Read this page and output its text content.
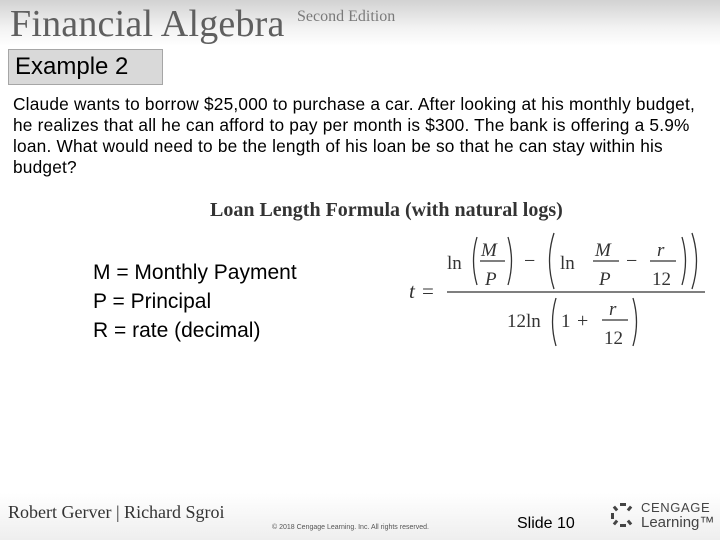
Financial Algebra Second Edition
Example 2
Claude wants to borrow $25,000 to purchase a car. After looking at his monthly budget, he realizes that all he can afford to pay per month is $300. The bank is offering a 5.9% loan. What would need to be the length of his loan be so that he can stay within his budget?
Loan Length Formula (with natural logs)
M = Monthly Payment
P = Principal
R = rate (decimal)
t =
ln
M
P
− ln
M
P
− r
12
12ln 1 +
r
12
Robert Gerver | Richard Sgroi
© 2018 Cengage Learning. Inc. All rights reserved.	Slide 10
CENGAGE
Learning™
